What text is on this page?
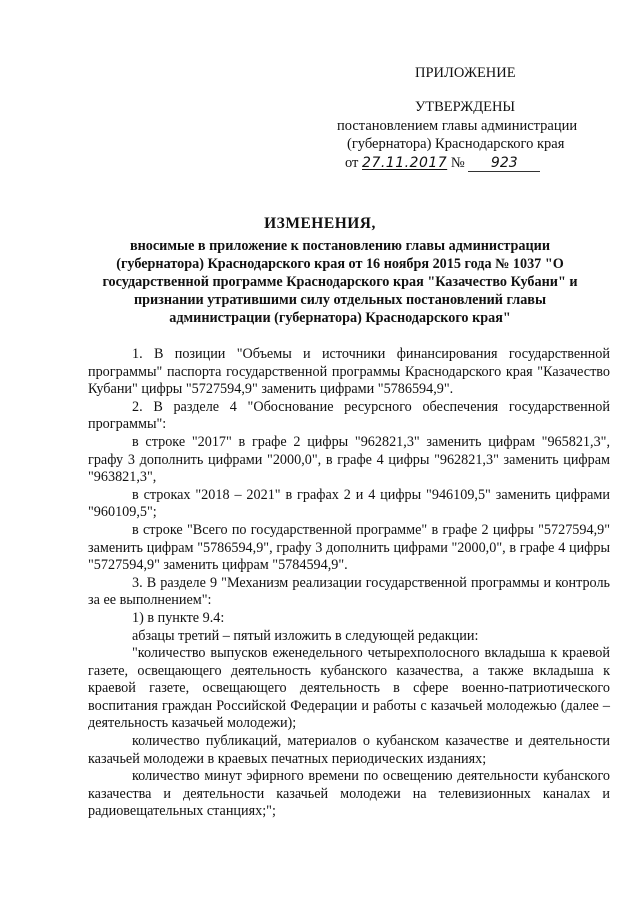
ПРИЛОЖЕНИЕ
УТВЕРЖДЕНЫ
постановлением главы администрации
(губернатора) Краснодарского края
от 27.11.2017 № 923
ИЗМЕНЕНИЯ,
вносимые в приложение к постановлению главы администрации (губернатора) Краснодарского края от 16 ноября 2015 года № 1037 "О государственной программе Краснодарского края "Казачество Кубани" и признании утратившими силу отдельных постановлений главы администрации (губернатора) Краснодарского края"

1. В позиции "Объемы и источники финансирования государственной программы" паспорта государственной программы Краснодарского края "Казачество Кубани" цифры "5727594,9" заменить цифрами "5786594,9".

2. В разделе 4 "Обоснование ресурсного обеспечения государственной программы":

в строке "2017" в графе 2 цифры "962821,3" заменить цифрам "965821,3", графу 3 дополнить цифрами "2000,0", в графе 4 цифры "962821,3" заменить цифрам "963821,3",

в строках "2018 – 2021" в графах 2 и 4 цифры "946109,5" заменить цифрами "960109,5";

в строке "Всего по государственной программе" в графе 2 цифры "5727594,9" заменить цифрам "5786594,9", графу 3 дополнить цифрами "2000,0", в графе 4 цифры "5727594,9" заменить цифрам "5784594,9".

3. В разделе 9 "Механизм реализации государственной программы и контроль за ее выполнением":

1) в пункте 9.4:

абзацы третий – пятый изложить в следующей редакции:

"количество выпусков еженедельного четырехполосного вкладыша к краевой газете, освещающего деятельность кубанского казачества, а также вкладыша к краевой газете, освещающего деятельность в сфере военно-патриотического воспитания граждан Российской Федерации и работы с казачьей молодежью (далее – деятельность казачьей молодежи);

количество публикаций, материалов о кубанском казачестве и деятельности казачьей молодежи в краевых печатных периодических изданиях;

количество минут эфирного времени по освещению деятельности кубанского казачества и деятельности казачьей молодежи на телевизионных каналах и радиовещательных станциях;";
